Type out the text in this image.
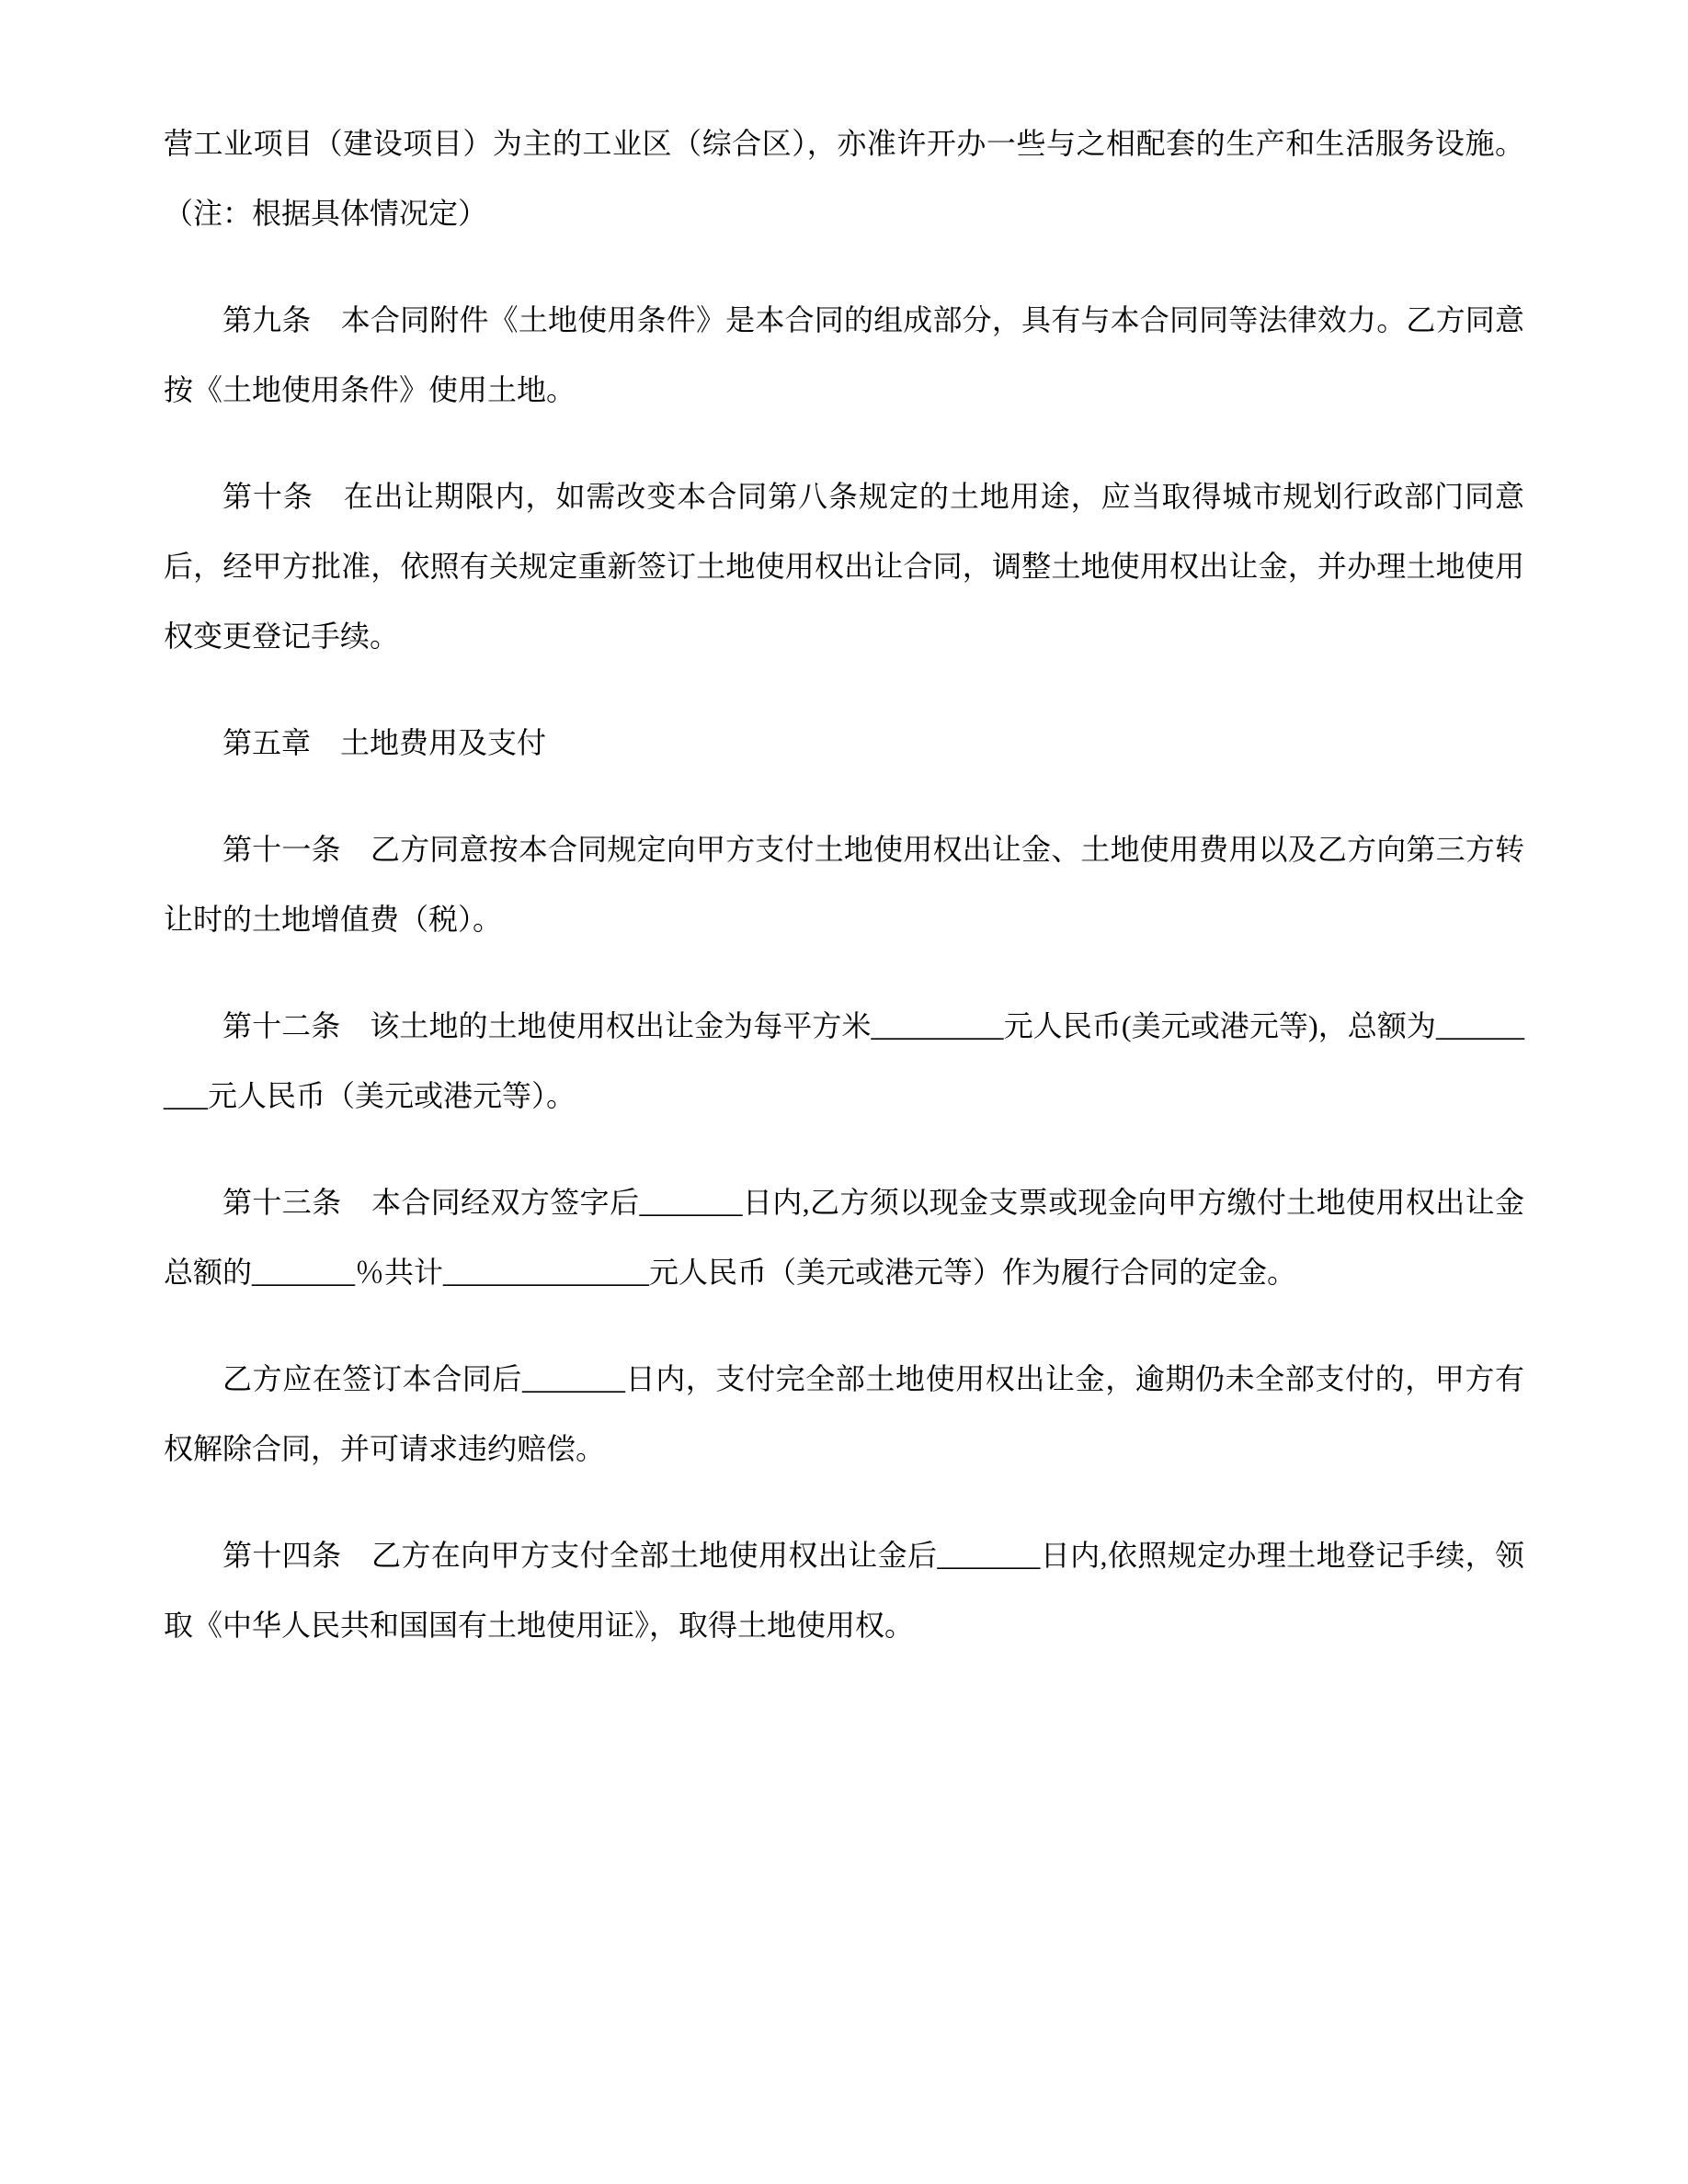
营工业项目（建设项目）为主的工业区（综合区），亦准许开办一些与之相配套的生产和生活服务设施。（注：根据具体情况定）

第九条　本合同附件《土地使用条件》是本合同的组成部分，具有与本合同同等法律效力。乙方同意按《土地使用条件》使用土地。

第十条　在出让期限内，如需改变本合同第八条规定的土地用途，应当取得城市规划行政部门同意后，经甲方批准，依照有关规定重新签订土地使用权出让合同，调整土地使用权出让金，并办理土地使用权变更登记手续。

第五章　土地费用及支付

第十一条　乙方同意按本合同规定向甲方支付土地使用权出让金、土地使用费用以及乙方向第三方转让时的土地增值费（税）。

第十二条　该土地的土地使用权出让金为每平方米_________元人民币(美元或港元等)，总额为_________元人民币（美元或港元等）。

第十三条　本合同经双方签字后_______日内,乙方须以现金支票或现金向甲方缴付土地使用权出让金总额的_______％共计______________元人民币（美元或港元等）作为履行合同的定金。

乙方应在签订本合同后_______日内，支付完全部土地使用权出让金，逾期仍未全部支付的，甲方有权解除合同，并可请求违约赔偿。

第十四条　乙方在向甲方支付全部土地使用权出让金后_______日内,依照规定办理土地登记手续，领取《中华人民共和国国有土地使用证》，取得土地使用权。
